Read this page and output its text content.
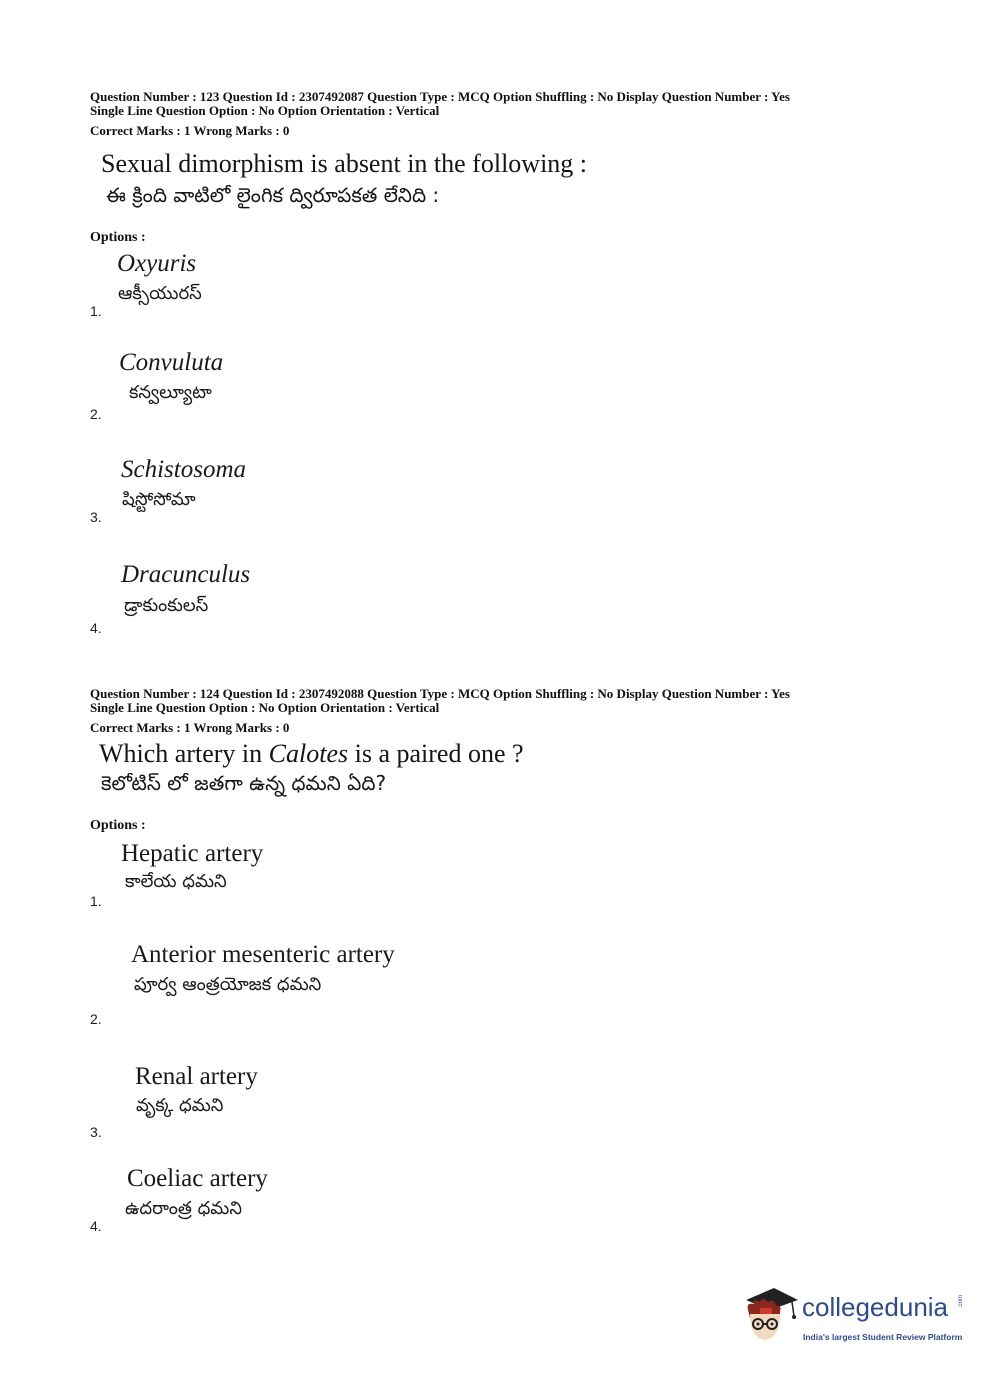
Question Number : 123 Question Id : 2307492087 Question Type : MCQ Option Shuffling : No Display Question Number : Yes
Single Line Question Option : No Option Orientation : Vertical
Correct Marks : 1 Wrong Marks : 0
Sexual dimorphism is absent in the following :
ఈ క్రింది వాటిలో లైంగిక ద్విరూపకత లేనిది :
Options :
Oxyuris
ఆక్సీయురస్
1.
Convuluta
కన్వల్యూటా
2.
Schistosoma
షిస్టోసోమా
3.
Dracunculus
డ్రాకుంకులస్
4.
Question Number : 124 Question Id : 2307492088 Question Type : MCQ Option Shuffling : No Display Question Number : Yes
Single Line Question Option : No Option Orientation : Vertical
Correct Marks : 1 Wrong Marks : 0
Which artery in Calotes is a paired one ?
కెలోటిస్ లో జతగా ఉన్న ధమని ఏది?
Options :
Hepatic artery
కాలేయ ధమని
1.
Anterior mesenteric artery
పూర్వ ఆంత్రయోజక ధమని
2.
Renal artery
వృక్క ధమని
3.
Coeliac artery
ఉదరాంత్ర ధమని
4.
collegedunia .com
India's largest Student Review Platform
